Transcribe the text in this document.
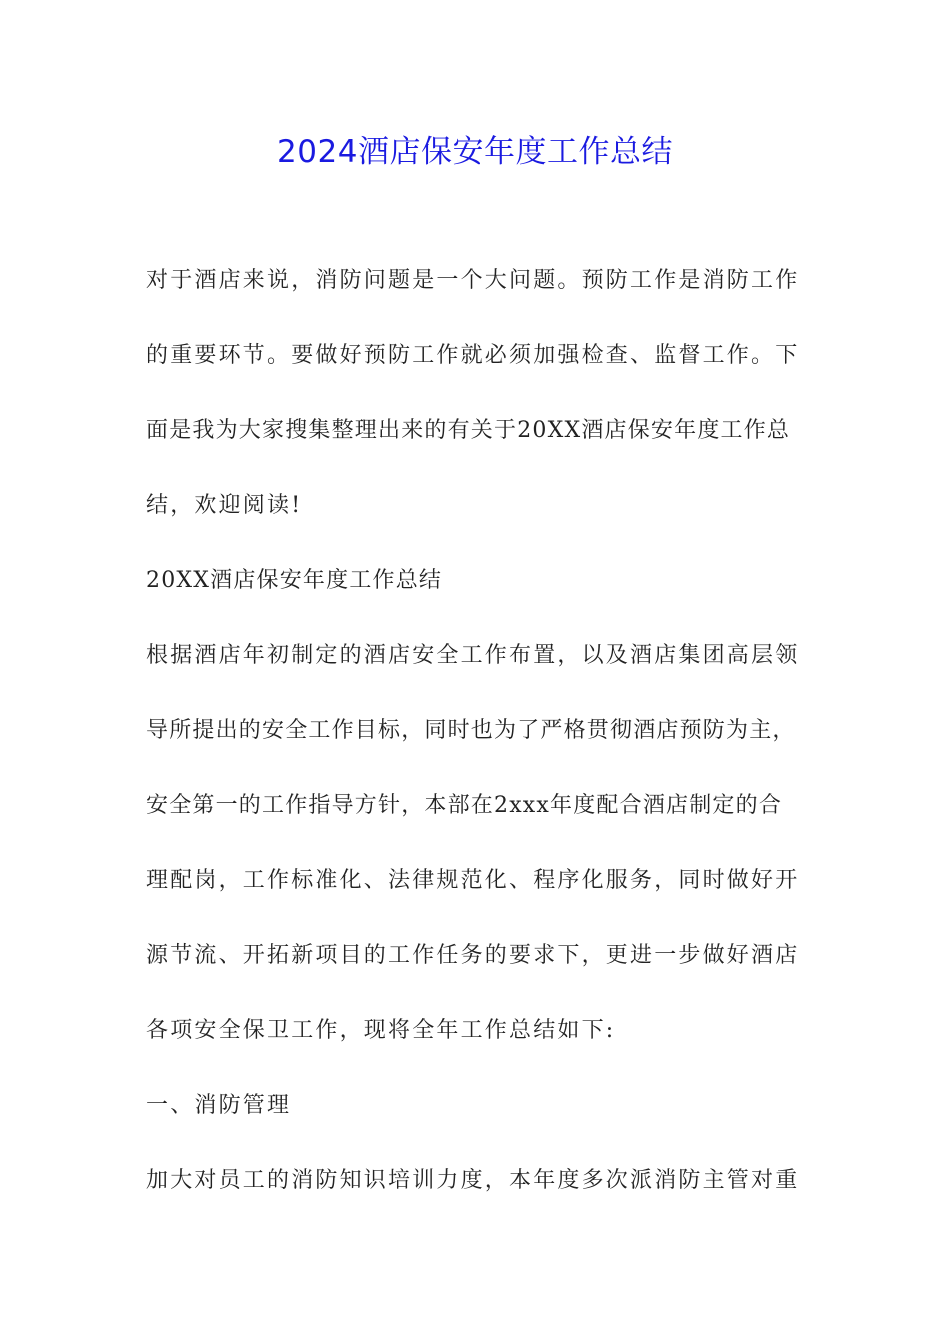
2024酒店保安年度工作总结
对于酒店来说，消防问题是一个大问题。预防工作是消防工作
的重要环节。要做好预防工作就必须加强检查、监督工作。下
面是我为大家搜集整理出来的有关于20XX酒店保安年度工作总
结，欢迎阅读!
20XX酒店保安年度工作总结
根据酒店年初制定的酒店安全工作布置，以及酒店集团高层领
导所提出的安全工作目标，同时也为了严格贯彻酒店预防为主，
安全第一的工作指导方针，本部在2xxx年度配合酒店制定的合
理配岗，工作标准化、法律规范化、程序化服务，同时做好开
源节流、开拓新项目的工作任务的要求下，更进一步做好酒店
各项安全保卫工作，现将全年工作总结如下:
一、消防管理
加大对员工的消防知识培训力度，本年度多次派消防主管对重
